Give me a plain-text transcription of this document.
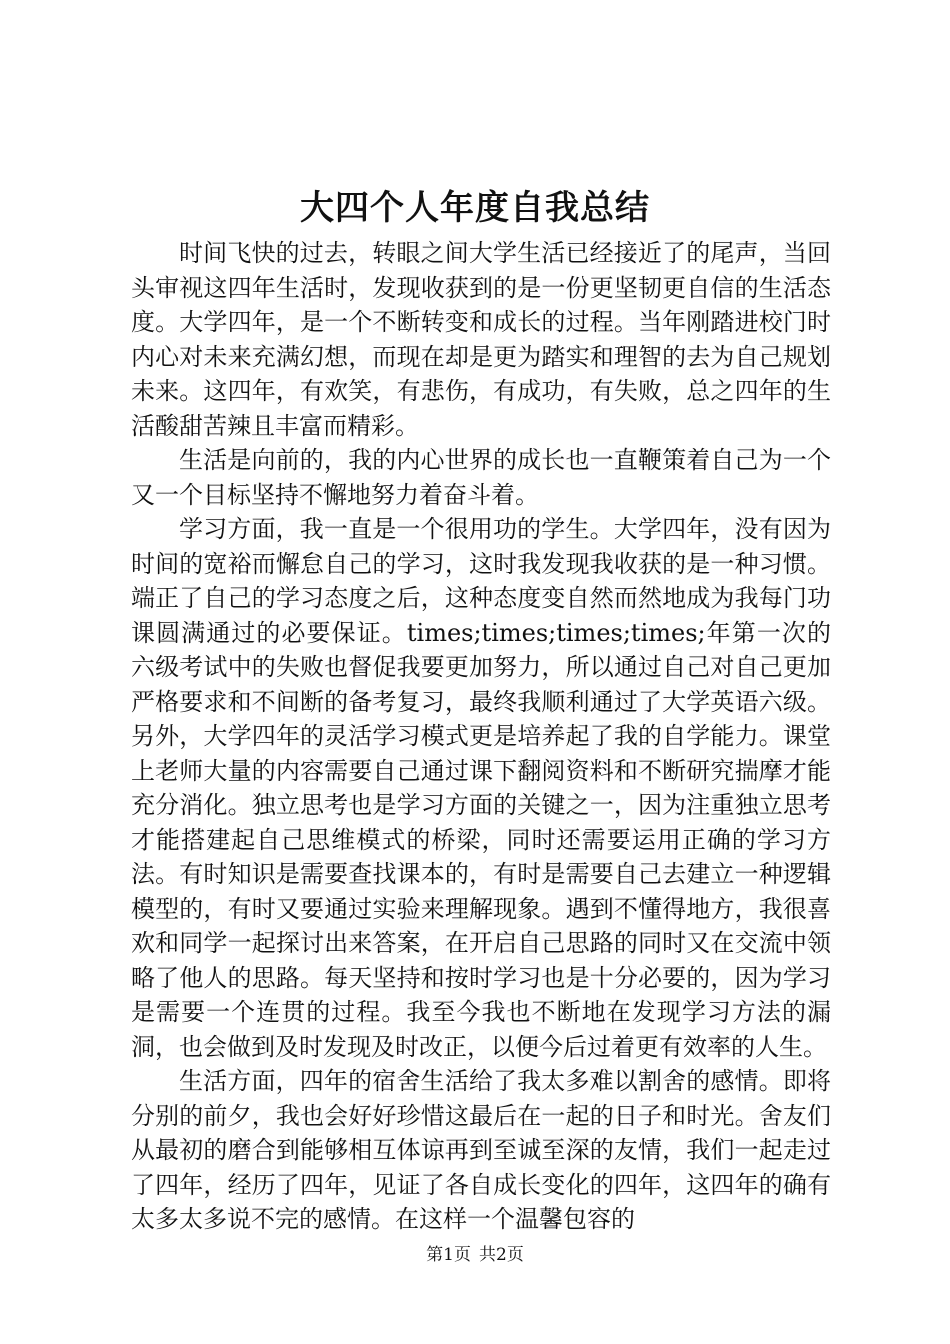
大四个人年度自我总结

时间飞快的过去，转眼之间大学生活已经接近了的尾声，当回头审视这四年生活时，发现收获到的是一份更坚韧更自信的生活态度。大学四年，是一个不断转变和成长的过程。当年刚踏进校门时内心对未来充满幻想，而现在却是更为踏实和理智的去为自己规划未来。这四年，有欢笑，有悲伤，有成功，有失败，总之四年的生活酸甜苦辣且丰富而精彩。

生活是向前的，我的内心世界的成长也一直鞭策着自己为一个又一个目标坚持不懈地努力着奋斗着。

学习方面，我一直是一个很用功的学生。大学四年，没有因为时间的宽裕而懈怠自己的学习，这时我发现我收获的是一种习惯。端正了自己的学习态度之后，这种态度变自然而然地成为我每门功课圆满通过的必要保证。times;times;times;times;年第一次的六级考试中的失败也督促我要更加努力，所以通过自己对自己更加严格要求和不间断的备考复习，最终我顺利通过了大学英语六级。另外，大学四年的灵活学习模式更是培养起了我的自学能力。课堂上老师大量的内容需要自己通过课下翻阅资料和不断研究揣摩才能充分消化。独立思考也是学习方面的关键之一，因为注重独立思考才能搭建起自己思维模式的桥梁，同时还需要运用正确的学习方法。有时知识是需要查找课本的，有时是需要自己去建立一种逻辑模型的，有时又要通过实验来理解现象。遇到不懂得地方，我很喜欢和同学一起探讨出来答案，在开启自己思路的同时又在交流中领略了他人的思路。每天坚持和按时学习也是十分必要的，因为学习是需要一个连贯的过程。我至今我也不断地在发现学习方法的漏洞，也会做到及时发现及时改正，以便今后过着更有效率的人生。

生活方面，四年的宿舍生活给了我太多难以割舍的感情。即将分别的前夕，我也会好好珍惜这最后在一起的日子和时光。舍友们从最初的磨合到能够相互体谅再到至诚至深的友情，我们一起走过了四年，经历了四年，见证了各自成长变化的四年，这四年的确有太多太多说不完的感情。在这样一个温馨包容的

第1页 共2页
